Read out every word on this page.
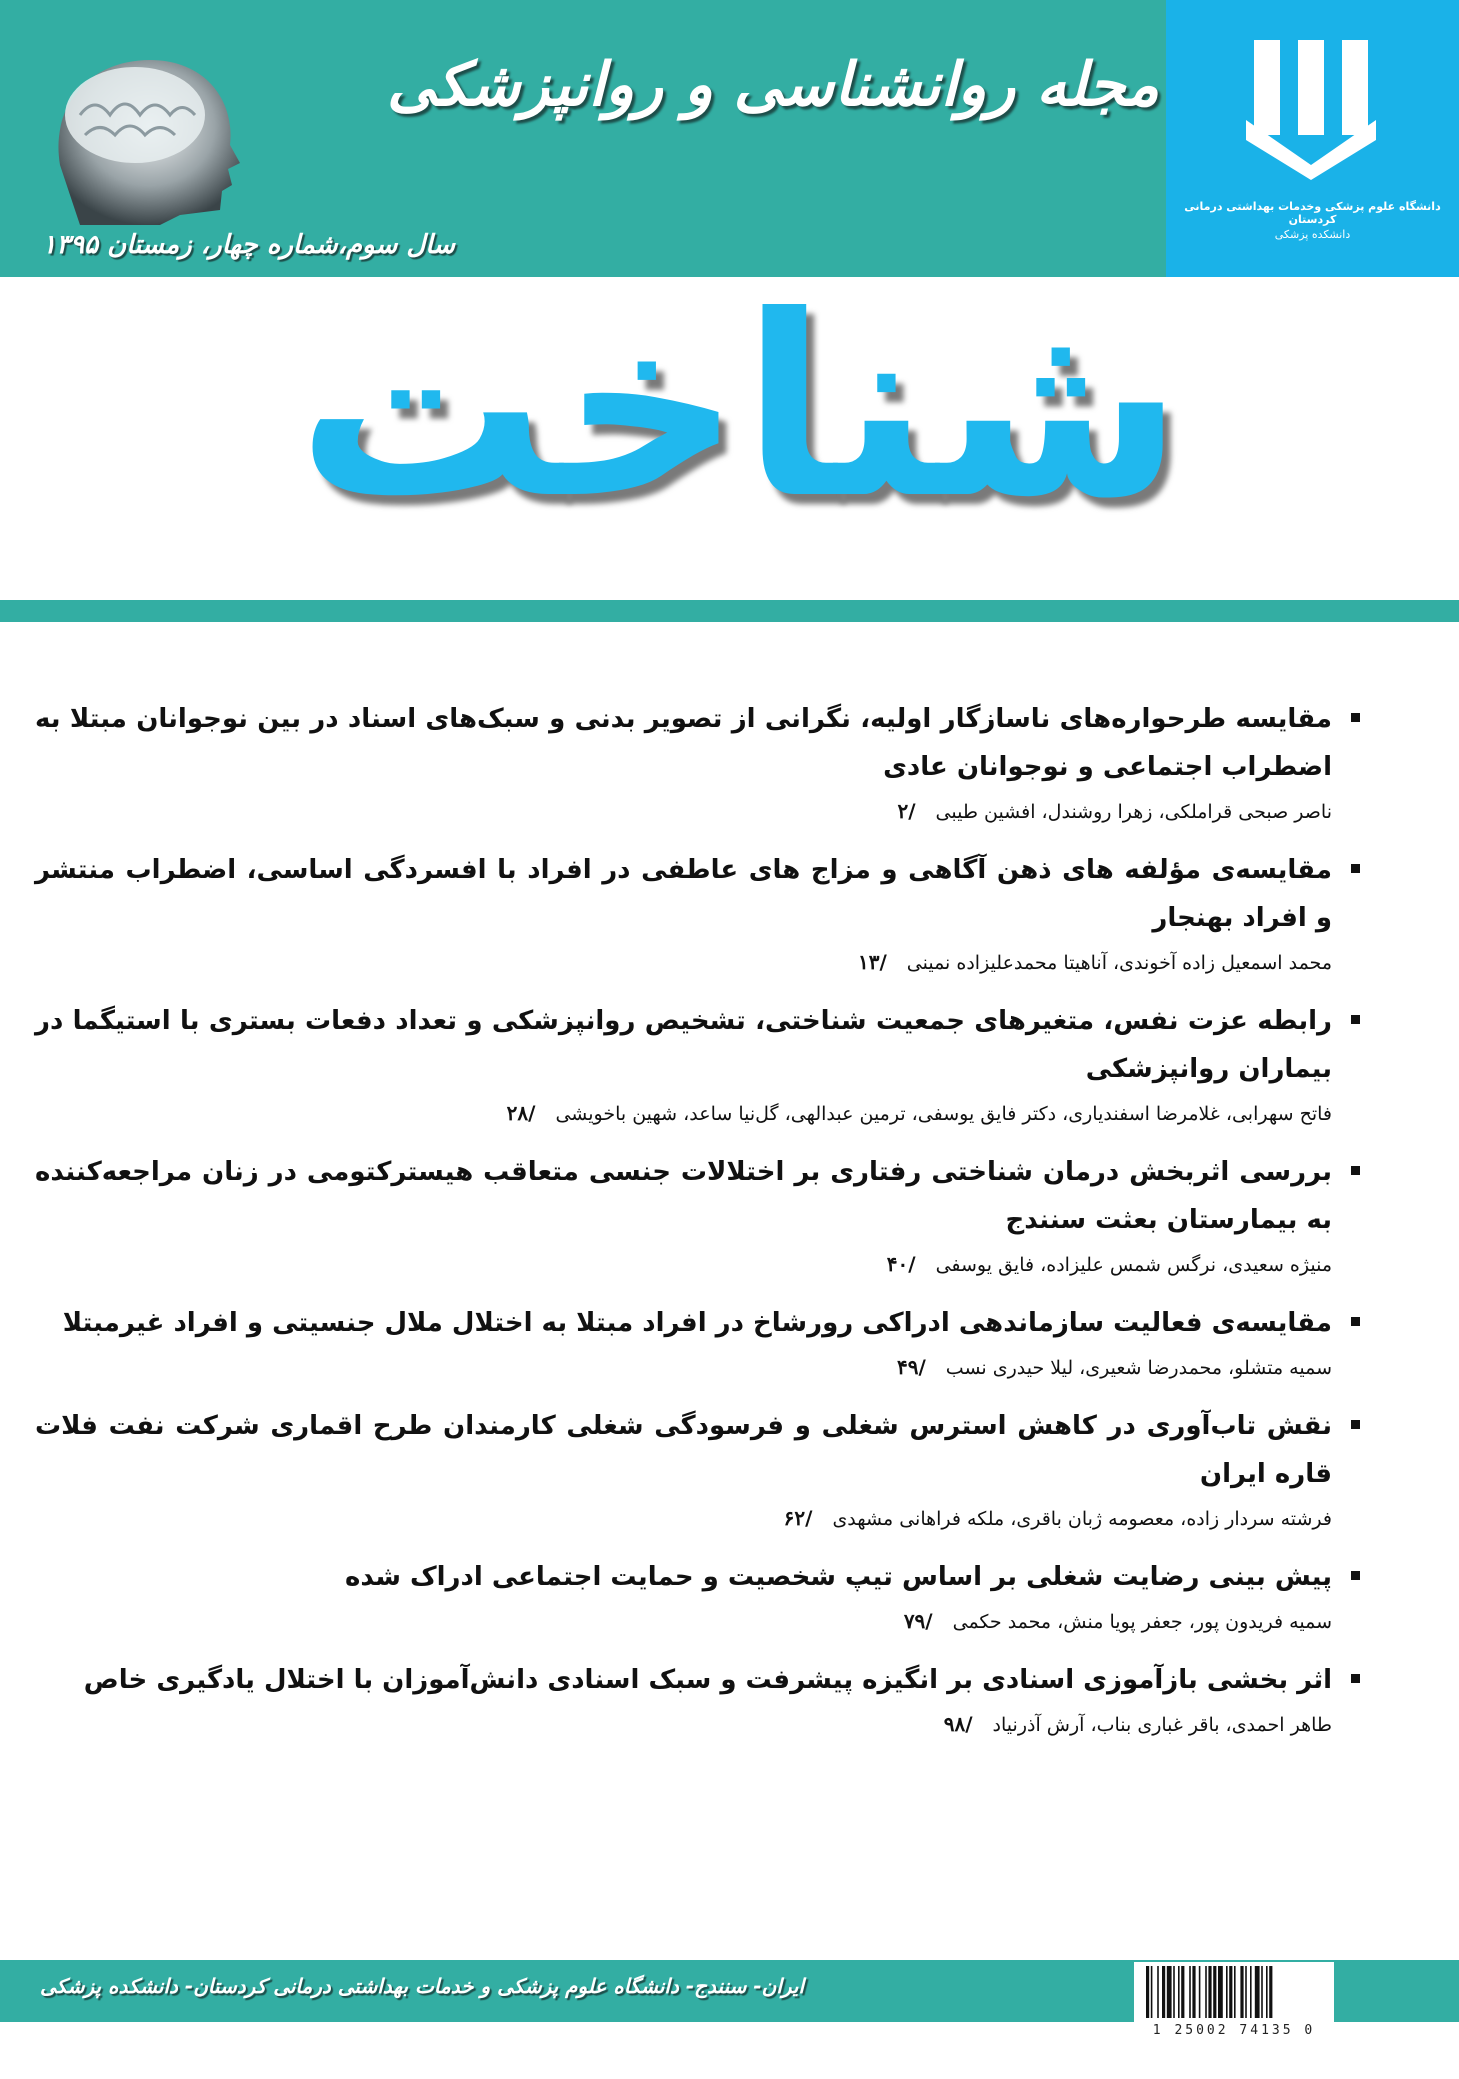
مجله روانشناسی و روانپزشکی
سال سوم،شماره چهار، زمستان ۱۳۹۵
دانشگاه علوم پزشکی وخدمات بهداشتی درمانی کردستان
دانشکده پزشکی
شناخت
مقایسه طرحواره‌های ناسازگار اولیه، نگرانی از تصویر بدنی و سبک‌های اسناد در بین نوجوانان مبتلا به اضطراب اجتماعی و نوجوانان عادی
ناصر صبحی قراملکی، زهرا روشندل، افشین طیبی/۲
مقایسه‌ی مؤلفه های ذهن آگاهی و مزاج های عاطفی در افراد با افسردگی اساسی، اضطراب منتشر و افراد بهنجار
محمد اسمعیل زاده آخوندی، آناهیتا محمدعلیزاده نمینی/۱۳
رابطه عزت نفس، متغیرهای جمعیت شناختی، تشخیص روانپزشکی و تعداد دفعات بستری با استیگما در بیماران روانپزشکی
فاتح سهرابی، غلامرضا اسفندیاری، دکتر فایق یوسفی، ترمین عبدالهی، گل‌نیا ساعد، شهین باخویشی/۲۸
بررسی اثربخش درمان شناختی رفتاری بر اختلالات جنسی متعاقب هیسترکتومی در زنان مراجعه‌کننده به بیمارستان بعثت سنندج
منیژه سعیدی، نرگس شمس علیزاده، فایق یوسفی/۴۰
مقایسه‌ی فعالیت سازماندهی ادراکی رورشاخ در افراد مبتلا به اختلال ملال جنسیتی و افراد غیرمبتلا
سمیه متشلو، محمدرضا شعیری، لیلا حیدری نسب/۴۹
نقش تاب‌آوری در کاهش استرس شغلی و فرسودگی شغلی کارمندان طرح اقماری شرکت نفت فلات قاره ایران
فرشته سردار زاده، معصومه ژبان باقری، ملکه فراهانی مشهدی/۶۲
پیش بینی رضایت شغلی بر اساس تیپ شخصیت و حمایت اجتماعی ادراک شده
سمیه فریدون پور، جعفر پویا منش، محمد حکمی/۷۹
اثر بخشی بازآموزی اسنادی بر انگیزه پیشرفت و سبک اسنادی دانش‌آموزان با اختلال یادگیری خاص
طاهر احمدی، باقر غباری بناب، آرش آذرنیاد/۹۸
ایران- سنندج- دانشگاه علوم پزشکی و خدمات بهداشتی درمانی کردستان- دانشکده پزشکی
1 25002 74135 0
